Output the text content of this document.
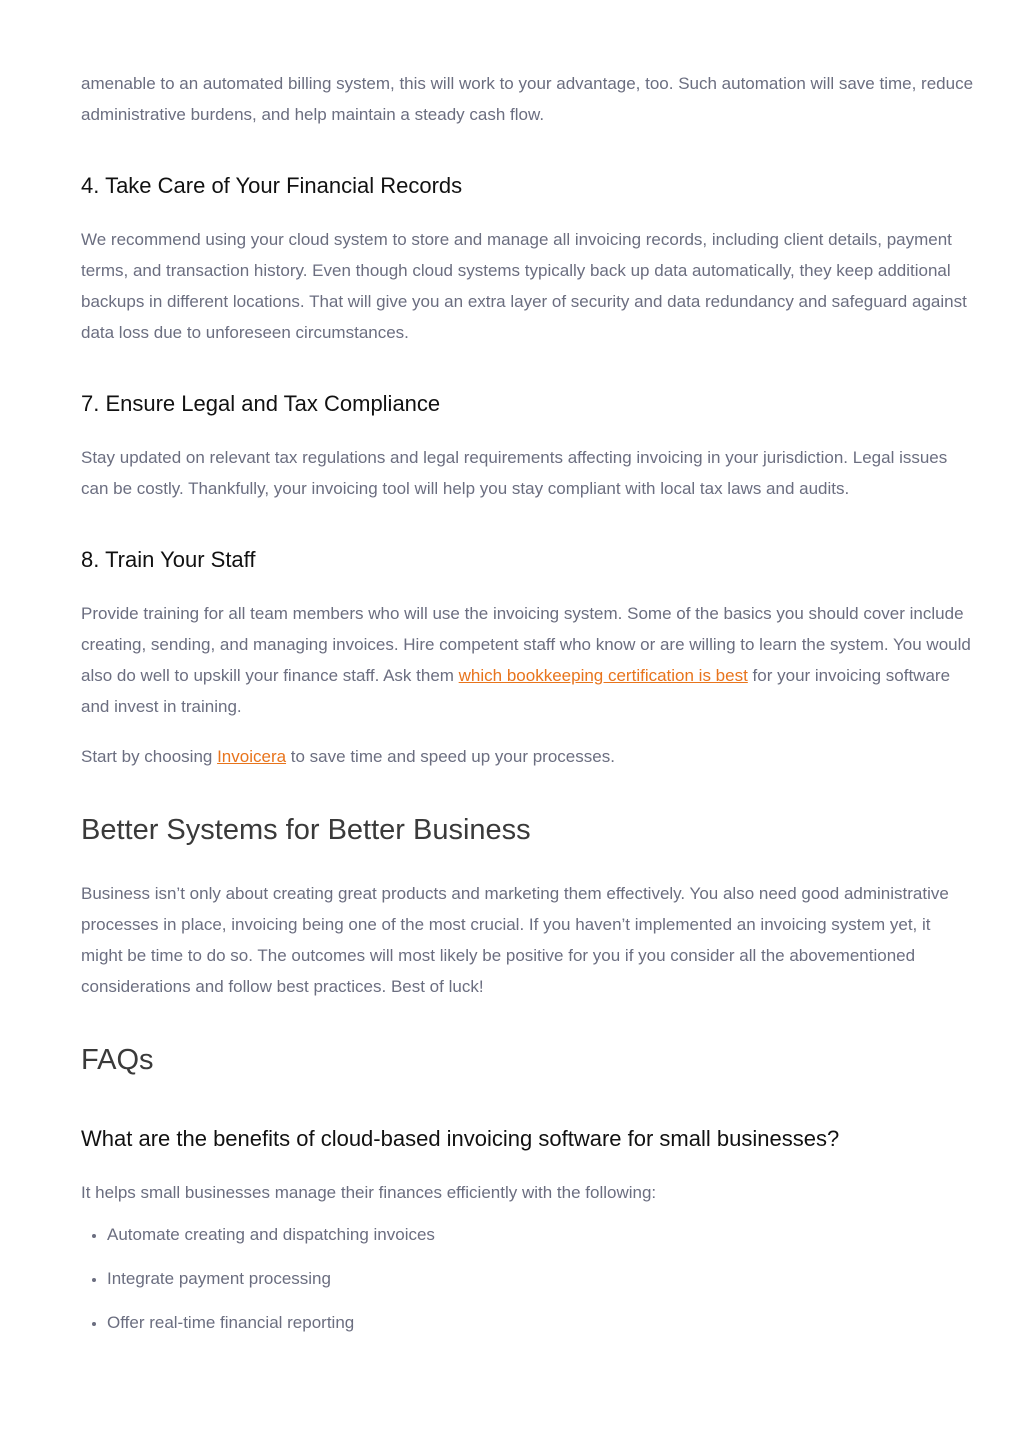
amenable to an automated billing system, this will work to your advantage, too. Such automation will save time, reduce administrative burdens, and help maintain a steady cash flow.

4. Take Care of Your Financial Records

We recommend using your cloud system to store and manage all invoicing records, including client details, payment terms, and transaction history. Even though cloud systems typically back up data automatically, they keep additional backups in different locations. That will give you an extra layer of security and data redundancy and safeguard against data loss due to unforeseen circumstances.

7. Ensure Legal and Tax Compliance

Stay updated on relevant tax regulations and legal requirements affecting invoicing in your jurisdiction. Legal issues can be costly. Thankfully, your invoicing tool will help you stay compliant with local tax laws and audits.

8. Train Your Staff

Provide training for all team members who will use the invoicing system. Some of the basics you should cover include creating, sending, and managing invoices. Hire competent staff who know or are willing to learn the system. You would also do well to upskill your finance staff. Ask them which bookkeeping certification is best for your invoicing software and invest in training.

Start by choosing Invoicera to save time and speed up your processes.

Better Systems for Better Business

Business isn’t only about creating great products and marketing them effectively. You also need good administrative processes in place, invoicing being one of the most crucial. If you haven’t implemented an invoicing system yet, it might be time to do so. The outcomes will most likely be positive for you if you consider all the abovementioned considerations and follow best practices. Best of luck!

FAQs
What are the benefits of cloud-based invoicing software for small businesses?

It helps small businesses manage their finances efficiently with the following:

• Automate creating and dispatching invoices
• Integrate payment processing
• Offer real-time financial reporting
